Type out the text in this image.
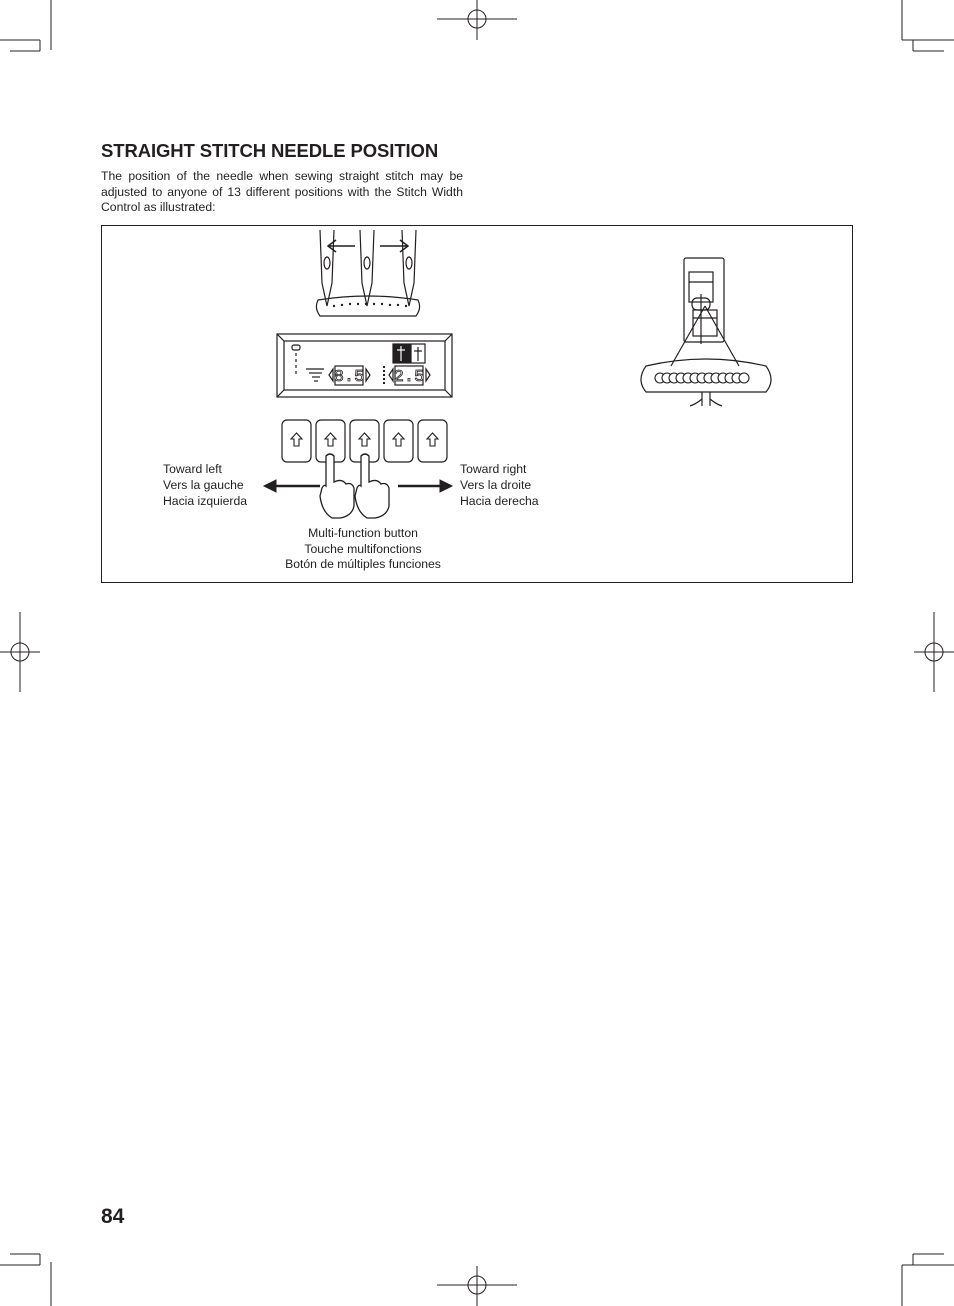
STRAIGHT STITCH NEEDLE POSITION
The position of the needle when sewing straight stitch may be adjusted to anyone of 13 different positions with the Stitch Width Control as illustrated:
8.5 2.5
Toward left
Vers la gauche
Hacia izquierda
Toward right
Vers la droite
Hacia derecha
Multi-function button
Touche multifonctions
Botón de múltiples funciones
84
